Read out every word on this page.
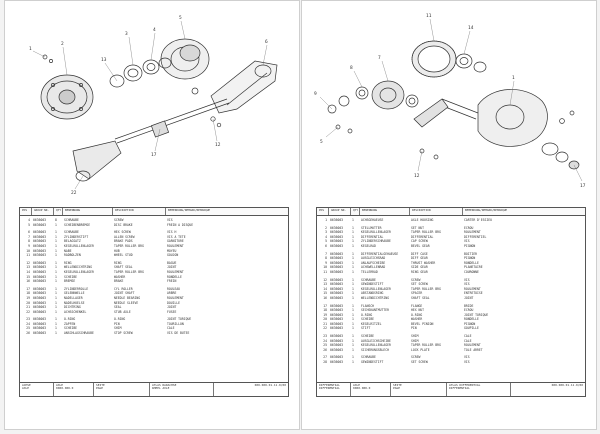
1
2
3
4
5
6
17
22
12
13
POS	GROUP NR.	QTY	BENENNUNG	DESCRIPTION	BEMERKUNG/REMARK/REMARQUE
4 0636003	8	SCHRAUBE	SCREW	VIS
5 0636003	1	SCHEIBENBREMSE	DISC BRAKE	FREIN A DISQUE
6 0636003	1	SCHRAUBE	HEX SCREW	VIS H
7 0636003	1	ZYLINDERSTIFT	ALLEN SCREW	VIS A TETE
8 0636003	1	BELAGSATZ	BRAKE PADS	GARNITURE
9 0636003	1	KEGELROLLENLAGER	TAPER ROLLER BRG	ROULEMENT
10 0636003	1	NABE	HUB	MOYEU
11 0636003	1	RADBOLZEN	WHEEL STUD	GOUJON
12 0636003	1	RING	RING	BAGUE
13 0636003	1	WELLENDICHTRING	SHAFT SEAL	JOINT
14 0636003	1	KEGELROLLENLAGER	TAPER ROLLER BRG	ROULEMENT
15 0636003	1	SCHEIBE	WASHER	RONDELLE
16 0636003	1	BREMSE	BRAKE	FREIN
17 0636003	1	ZYLINDERROLLE	CYL ROLLER	ROULEAU
18 0636003	1	GELENKWELLE	JOINT SHAFT	ARBRE
19 0636003	1	NADELLAGER	NEEDLE BEARING	ROULEMENT
20 0636003	1	NADELHUELSE	NEEDLE SLEEVE	DOUILLE
21 0636003	1	DICHTRING	SEAL	JOINT
22 0636003	1	ACHSSCHENKEL	STUB AXLE	FUSEE
23 0636003	1	O-RING	O-RING	JOINT TORIQUE
24 0636003	1	ZAPFEN	PIN	TOURILLON
25 0636003	1	SCHEIBE	SHIM	CALE
26 0636003	1	ANSCHLAGSCHRAUBE	STOP SCREW	VIS DE BUTEE
ACHSE
AXLE
AXLE
0000.000.0
SEITE
PAGE
ATLAS RADACHSE
WHEEL AXLE
000.000.01.11.0/00
11
14
7
8
9
1
17
12
5
POS	GROUP NR.	QTY	BENENNUNG	DESCRIPTION	BEMERKUNG/REMARK/REMARQUE
1 0636003	1	ACHSGEHAEUSE	AXLE HOUSING	CARTER D'ESSIEU
2 0636003	1	STELLMUTTER	SET NUT	ECROU
3 0636003	1	KEGELROLLENLAGER	TAPER ROLLER BRG	ROULEMENT
4 0636003	1	DIFFERENTIAL	DIFFERENTIAL	DIFFERENTIEL
5 0636003	1	ZYLINDERSCHRAUBE	CAP SCREW	VIS
6 0636003	1	KEGELRAD	BEVEL GEAR	PIGNON
7 0636003	1	DIFFERENTIALGEHAEUSE	DIFF CASE	BOITIER
8 0636003	1	AUSGLEICHSRAD	DIFF GEAR	PIGNON
9 0636003	1	ANLAUFSCHEIBE	THRUST WASHER	RONDELLE
10 0636003	1	ACHSWELLENRAD	SIDE GEAR	PLANETAIRE
11 0636003	1	TELLERRAD	RING GEAR	COURONNE
12 0636003	1	SCHRAUBE	SCREW	VIS
13 0636003	1	GEWINDESTIFT	SET SCREW	VIS
14 0636003	1	KEGELROLLENLAGER	TAPER ROLLER BRG	ROULEMENT
15 0636003	1	ABSTANDSRING	SPACER	ENTRETOISE
16 0636003	1	WELLENDICHTRING	SHAFT SEAL	JOINT
17 0636003	1	FLANSCH	FLANGE	BRIDE
18 0636003	1	SECHSKANTMUTTER	HEX NUT	ECROU
19 0636003	1	O-RING	O-RING	JOINT TORIQUE
20 0636003	1	SCHEIBE	WASHER	RONDELLE
21 0636003	1	KEGELRITZEL	BEVEL PINION	PIGNON
22 0636003	1	STIFT	PIN	GOUPILLE
23 0636003	1	SCHEIBE	SHIM	CALE
24 0636003	1	AUSGLEICHSCHEIBE	SHIM	CALE
25 0636003	1	KEGELROLLENLAGER	TAPER ROLLER BRG	ROULEMENT
26 0636003	1	SICHERUNGSBLECH	LOCK PLATE	TOLE ARRET
27 0636003	1	SCHRAUBE	SCREW	VIS
28 0636003	1	GEWINDESTIFT	SET SCREW	VIS
DIFFERENTIAL
DIFFERENTIAL
AXLE
0000.000.0
SEITE
PAGE
ATLAS DIFFERENTIAL
DIFFERENTIAL
000.000.01.11.0/00
